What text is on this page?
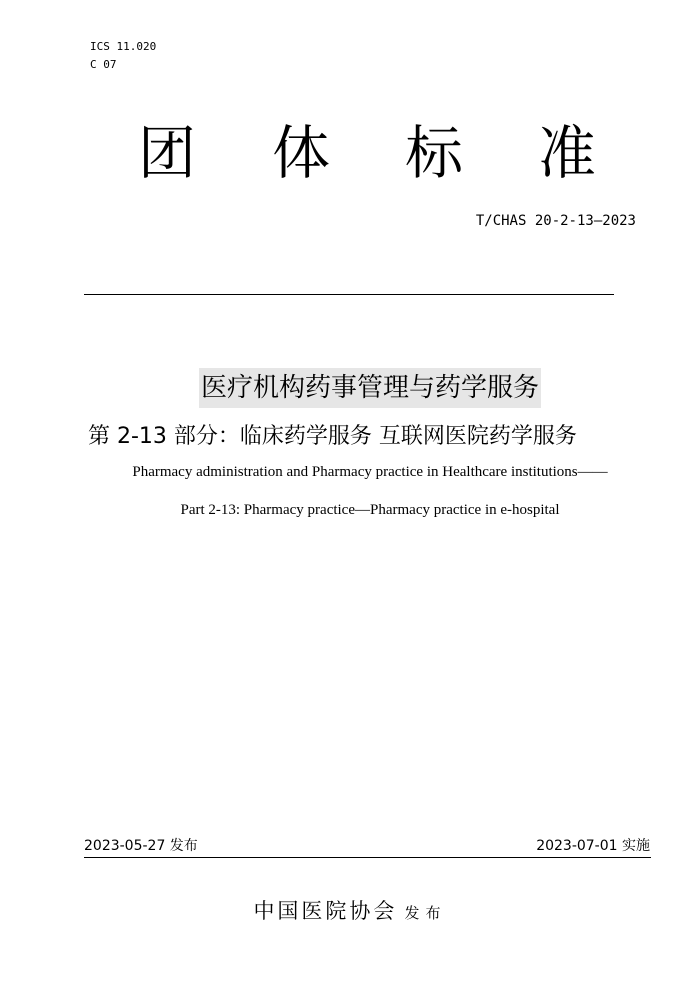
ICS 11.020
C 07
团 体 标 准
T/CHAS 20-2-13—2023
医疗机构药事管理与药学服务
第 2-13 部分：临床药学服务 互联网医院药学服务
Pharmacy administration and Pharmacy practice in Healthcare institutions——
Part 2-13: Pharmacy practice—Pharmacy practice in e-hospital
2023-05-27 发布	2023-07-01 实施
中国医院协会 发布
